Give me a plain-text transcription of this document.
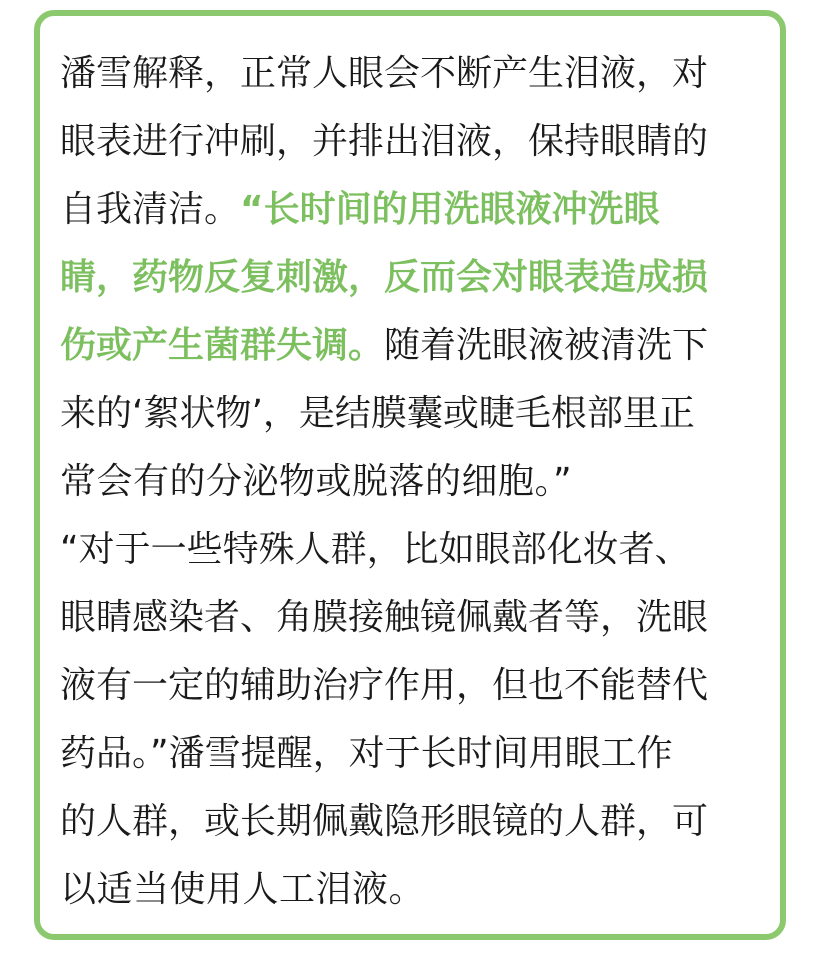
潘雪解释，正常人眼会不断产生泪液，对
眼表进行冲刷，并排出泪液，保持眼睛的
自我清洁。“长时间的用洗眼液冲洗眼
睛，药物反复刺激，反而会对眼表造成损
伤或产生菌群失调。随着洗眼液被清洗下
来的‘絮状物’，是结膜囊或睫毛根部里正
常会有的分泌物或脱落的细胞。”
“对于一些特殊人群，比如眼部化妆者、
眼睛感染者、角膜接触镜佩戴者等，洗眼
液有一定的辅助治疗作用，但也不能替代
药品。”潘雪提醒，对于长时间用眼工作
的人群，或长期佩戴隐形眼镜的人群，可
以适当使用人工泪液。
